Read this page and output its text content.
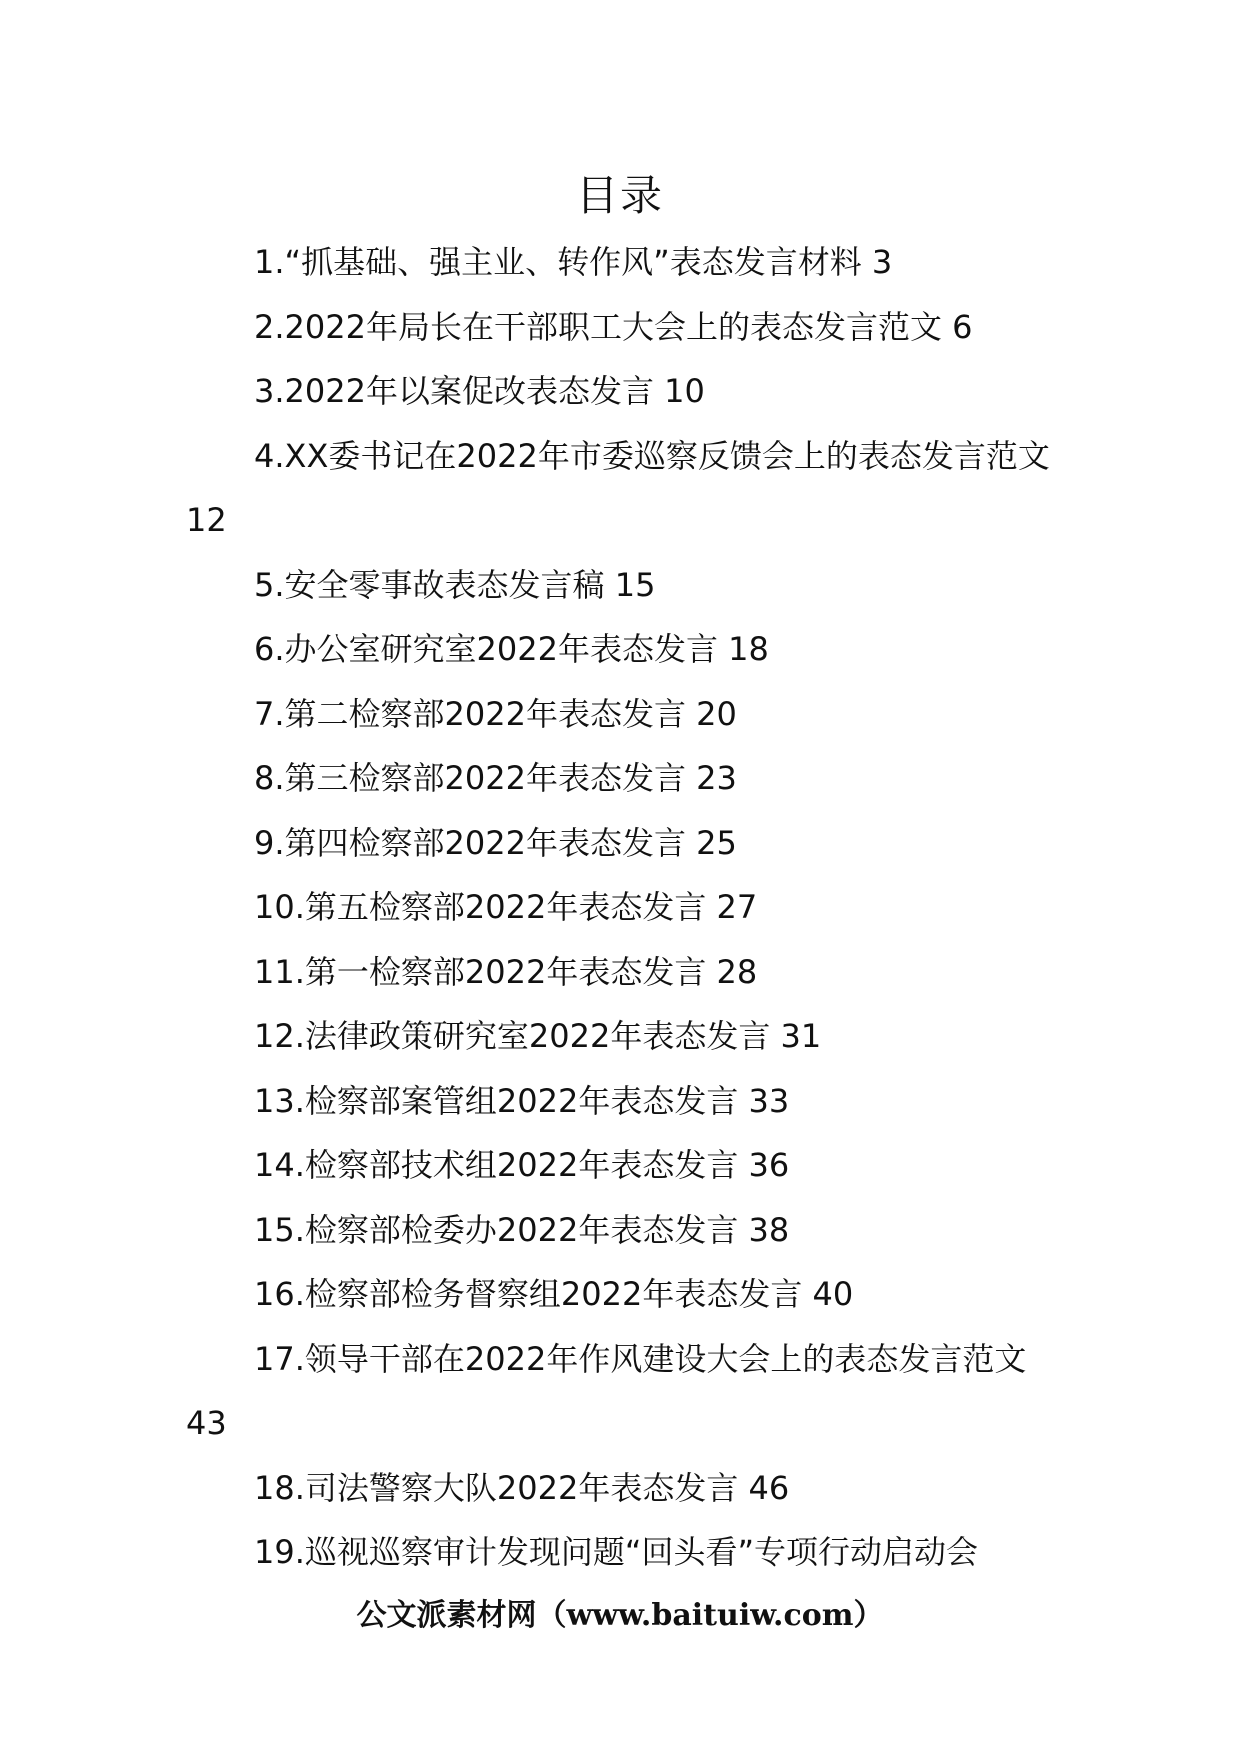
目录
1.“抓基础、强主业、转作风”表态发言材料 3
2.2022年局长在干部职工大会上的表态发言范文 6
3.2022年以案促改表态发言 10
4.XX委书记在2022年市委巡察反馈会上的表态发言范文 12
5.安全零事故表态发言稿 15
6.办公室研究室2022年表态发言 18
7.第二检察部2022年表态发言 20
8.第三检察部2022年表态发言 23
9.第四检察部2022年表态发言 25
10.第五检察部2022年表态发言 27
11.第一检察部2022年表态发言 28
12.法律政策研究室2022年表态发言 31
13.检察部案管组2022年表态发言 33
14.检察部技术组2022年表态发言 36
15.检察部检委办2022年表态发言 38
16.检察部检务督察组2022年表态发言 40
17.领导干部在2022年作风建设大会上的表态发言范文 43
18.司法警察大队2022年表态发言 46
19.巡视巡察审计发现问题“回头看”专项行动启动会
公文派素材网（www.baituiw.com）
